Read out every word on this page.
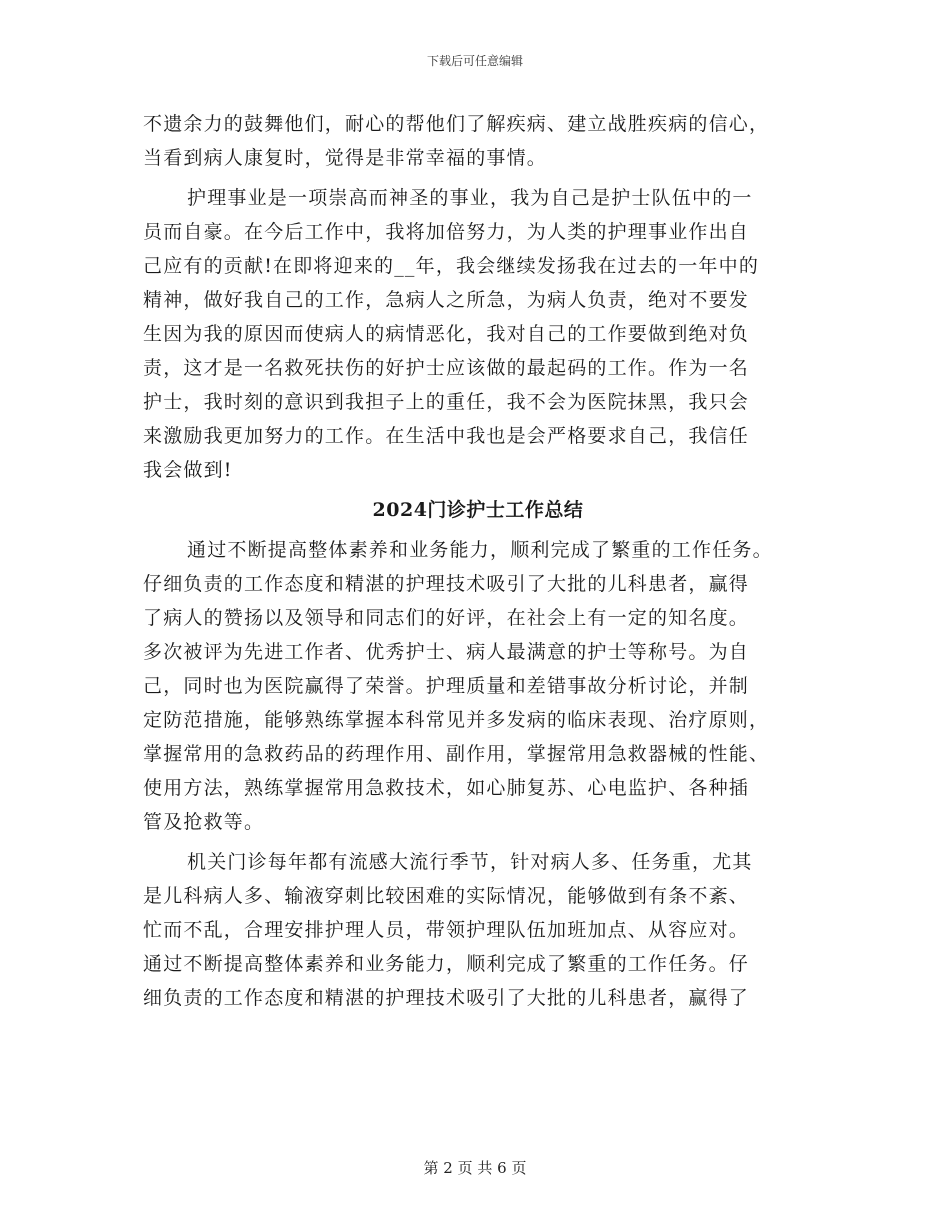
下载后可任意编辑
不遗余力的鼓舞他们，耐心的帮他们了解疾病、建立战胜疾病的信心，
当看到病人康复时，觉得是非常幸福的事情。
护理事业是一项崇高而神圣的事业，我为自己是护士队伍中的一
员而自豪。在今后工作中，我将加倍努力，为人类的护理事业作出自
己应有的贡献!在即将迎来的__年，我会继续发扬我在过去的一年中的
精神，做好我自己的工作，急病人之所急，为病人负责，绝对不要发
生因为我的原因而使病人的病情恶化，我对自己的工作要做到绝对负
责，这才是一名救死扶伤的好护士应该做的最起码的工作。作为一名
护士，我时刻的意识到我担子上的重任，我不会为医院抹黑，我只会
来激励我更加努力的工作。在生活中我也是会严格要求自己，我信任
我会做到!
2024门诊护士工作总结
通过不断提高整体素养和业务能力，顺利完成了繁重的工作任务。
仔细负责的工作态度和精湛的护理技术吸引了大批的儿科患者，赢得
了病人的赞扬以及领导和同志们的好评，在社会上有一定的知名度。
多次被评为先进工作者、优秀护士、病人最满意的护士等称号。为自
己，同时也为医院赢得了荣誉。护理质量和差错事故分析讨论，并制
定防范措施，能够熟练掌握本科常见并多发病的临床表现、治疗原则，
掌握常用的急救药品的药理作用、副作用，掌握常用急救器械的性能、
使用方法，熟练掌握常用急救技术，如心肺复苏、心电监护、各种插
管及抢救等。
机关门诊每年都有流感大流行季节，针对病人多、任务重，尤其
是儿科病人多、输液穿刺比较困难的实际情况，能够做到有条不紊、
忙而不乱，合理安排护理人员，带领护理队伍加班加点、从容应对。
通过不断提高整体素养和业务能力，顺利完成了繁重的工作任务。仔
细负责的工作态度和精湛的护理技术吸引了大批的儿科患者，赢得了
第 2 页 共 6 页
